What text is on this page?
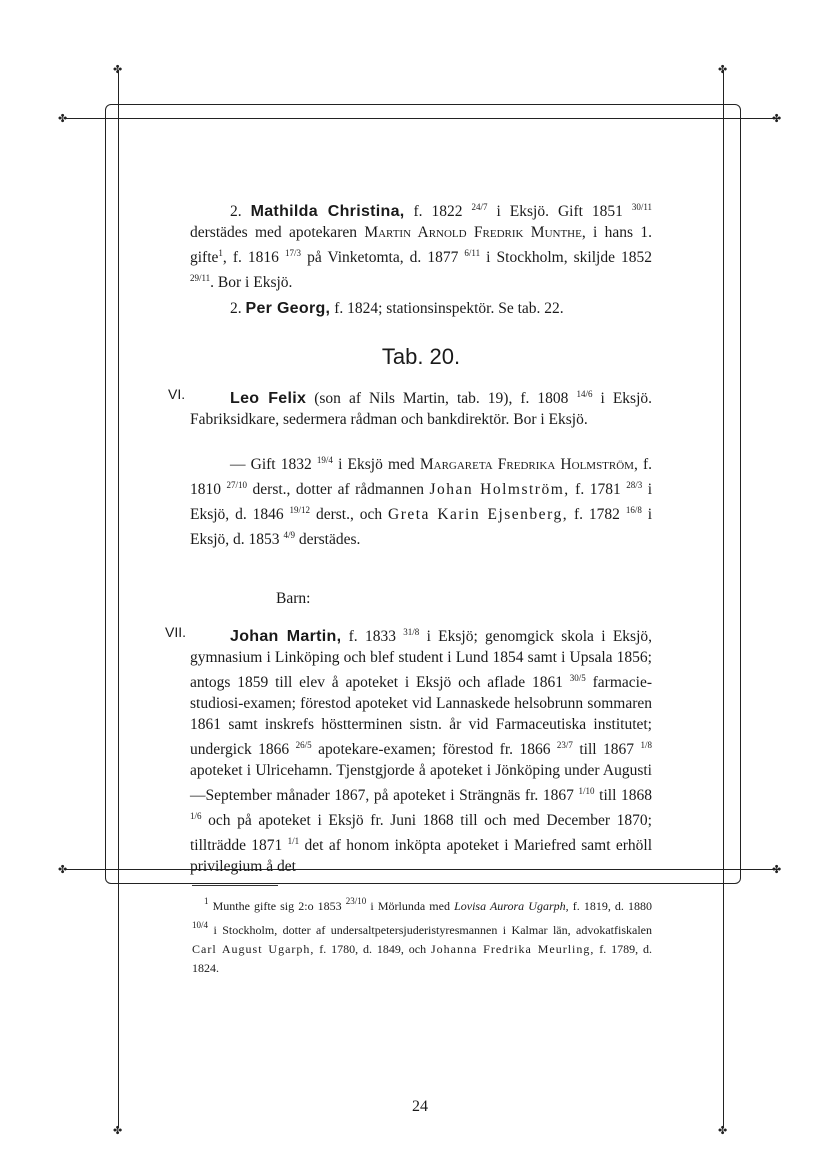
✤	✤
✤	✤
✤	✤
✤	✤

2. Mathilda Christina, f. 1822 $^{24/7}$ i Eksjö. Gift 1851 $^{30/11}$ derstädes med apotekaren Martin Arnold Fredrik Munthe, i hans 1. gifte$^1$, f. 1816 $^{17/3}$ på Vinketomta, d. 1877 $^{6/11}$ i Stockholm, skiljde 1852 $^{29/11}$. Bor i Eksjö.

2. Per Georg, f. 1824; stationsinspektör. Se tab. 22.

Tab. 20.
VI.	Leo Felix (son af Nils Martin, tab. 19), f. 1808 $^{14/6}$ i Eksjö. Fabriksidkare, sedermera rådman och bankdirektör. Bor i Eksjö.

— Gift 1832 $^{19/4}$ i Eksjö med Margareta Fredrika Holmström, f. 1810 $^{27/10}$ derst., dotter af rådmannen Johan Holmström, f. 1781 $^{28/3}$ i Eksjö, d. 1846 $^{19/12}$ derst., och Greta Karin Ejsenberg, f. 1782 $^{16/8}$ i Eksjö, d. 1853 $^{4/9}$ derstädes.

Barn:
VII.	Johan Martin, f. 1833 $^{31/8}$ i Eksjö; genomgick skola i Eksjö, gymnasium i Linköping och blef student i Lund 1854 samt i Upsala 1856; antogs 1859 till elev å apoteket i Eksjö och aflade 1861 $^{30/5}$ farmacie-studiosi-examen; förestod apoteket vid Lannaskede helsobrunn sommaren 1861 samt inskrefs höstterminen sistn. år vid Farmaceutiska institutet; undergick 1866 $^{26/5}$ apotekare-examen; förestod fr. 1866 $^{23/7}$ till 1867 $^{1/8}$ apoteket i Ulricehamn. Tjenstgjorde å apoteket i Jönköping under Augusti —September månader 1867, på apoteket i Strängnäs fr. 1867 $^{1/10}$ till 1868 $^{1/6}$ och på apoteket i Eksjö fr. Juni 1868 till och med December 1870; tillträdde 1871 $^{1/1}$ det af honom inköpta apoteket i Mariefred samt erhöll privilegium å det

$^1$ Munthe gifte sig 2:o 1853 $^{23/10}$ i Mörlunda med Lovisa Aurora Ugarph, f. 1819, d. 1880 $^{10/4}$ i Stockholm, dotter af undersaltpetersjuderistyresmannen i Kalmar län, advokatfiskalen Carl August Ugarph, f. 1780, d. 1849, och Johanna Fredrika Meurling, f. 1789, d. 1824.
24
